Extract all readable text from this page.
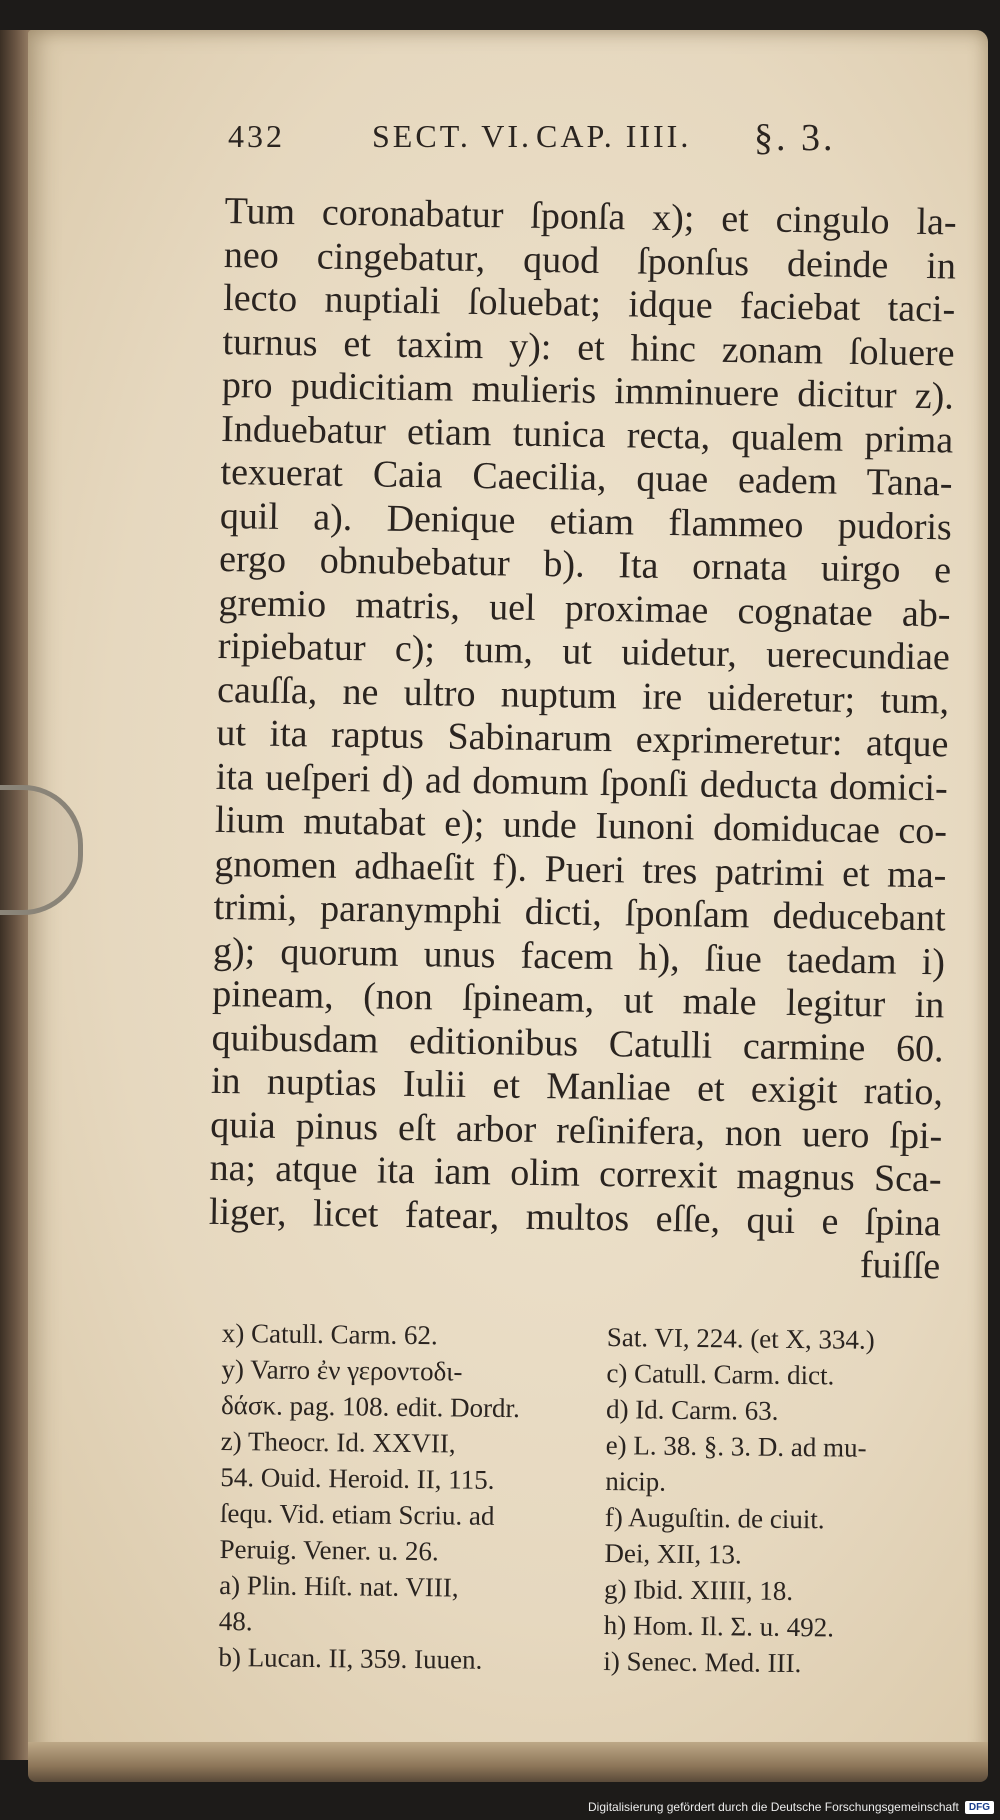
432	SECT. VI. CAP. IIII. §. 3.
Tum coronabatur ſponſa x); et cingulo la-
neo cingebatur, quod ſponſus deinde in
lecto nuptiali ſoluebat; idque faciebat taci-
turnus et taxim y): et hinc zonam ſoluere
pro pudicitiam mulieris imminuere dicitur z).
Induebatur etiam tunica recta, qualem prima
texuerat Caia Caecilia, quae eadem Tana-
quil a). Denique etiam flammeo pudoris
ergo obnubebatur b). Ita ornata uirgo e
gremio matris, uel proximae cognatae ab-
ripiebatur c); tum, ut uidetur, uerecundiae
cauſſa, ne ultro nuptum ire uideretur; tum,
ut ita raptus Sabinarum exprimeretur: atque
ita ueſperi d) ad domum ſponſi deducta domici-
lium mutabat e); unde Iunoni domiducae co-
gnomen adhaeſit f). Pueri tres patrimi et ma-
trimi, paranymphi dicti, ſponſam deducebant
g); quorum unus facem h), ſiue taedam i)
pineam, (non ſpineam, ut male legitur in
quibusdam editionibus Catulli carmine 60.
in nuptias Iulii et Manliae et exigit ratio,
quia pinus eſt arbor reſinifera, non uero ſpi-
na; atque ita iam olim correxit magnus Sca-
liger, licet fatear, multos eſſe, qui e ſpina
fuiſſe
x) Catull. Carm. 62.
y) Varro ἐν γεροντοδι-
δάσκ. pag. 108. edit. Dordr.
z) Theocr. Id. XXVII,
54. Ouid. Heroid. II, 115.
ſequ. Vid. etiam Scriu. ad
Peruig. Vener. u. 26.
a) Plin. Hiſt. nat. VIII,
48.
b) Lucan. II, 359. Iuuen.
Sat. VI, 224. (et X, 334.)
c) Catull. Carm. dict.
d) Id. Carm. 63.
e) L. 38. §. 3. D. ad mu-
nicip.
f) Auguſtin. de ciuit.
Dei, XII, 13.
g) Ibid. XIIII, 18.
h) Hom. Il. Σ. u. 492.
i) Senec. Med. III.
Digitalisierung gefördert durch die Deutsche Forschungsgemeinschaft	DFG
